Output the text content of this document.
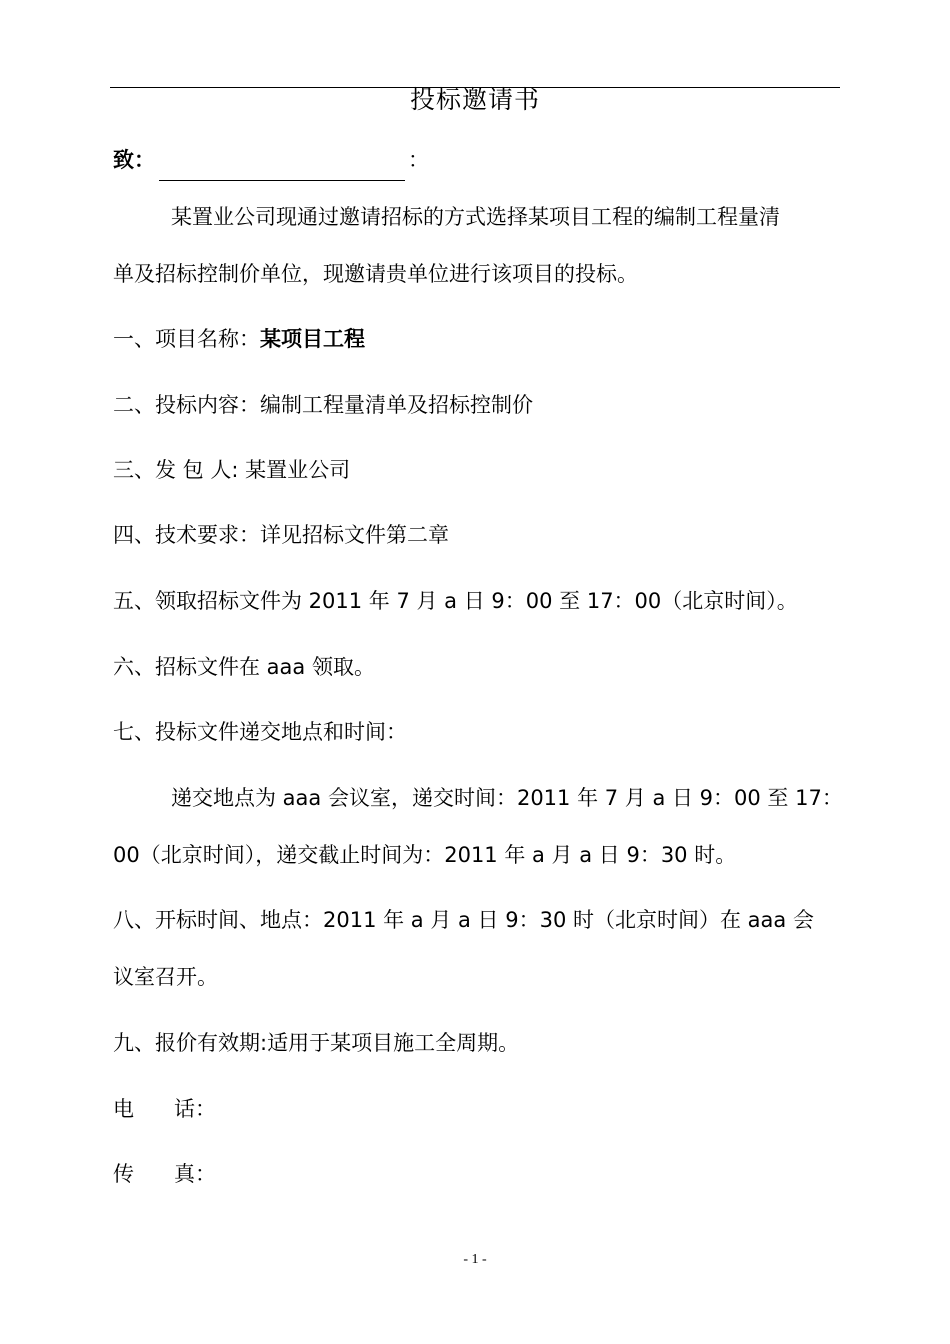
投标邀请书
致：	：
某置业公司现通过邀请招标的方式选择某项目工程的编制工程量清
单及招标控制价单位，现邀请贵单位进行该项目的投标。
一、项目名称：某项目工程
二、投标内容：编制工程量清单及招标控制价
三、发 包 人: 某置业公司
四、技术要求：详见招标文件第二章
五、领取招标文件为 2011 年 7 月 a 日 9：00 至 17：00（北京时间）。
六、招标文件在 aaa 领取。
七、投标文件递交地点和时间：
递交地点为 aaa 会议室，递交时间：2011 年 7 月 a 日 9：00 至 17：
00（北京时间），递交截止时间为：2011 年 a 月 a 日 9：30 时。
八、开标时间、地点：2011 年 a 月 a 日 9：30 时（北京时间）在 aaa 会
议室召开。
九、报价有效期:适用于某项目施工全周期。
电      话：
传      真：
- 1 -
